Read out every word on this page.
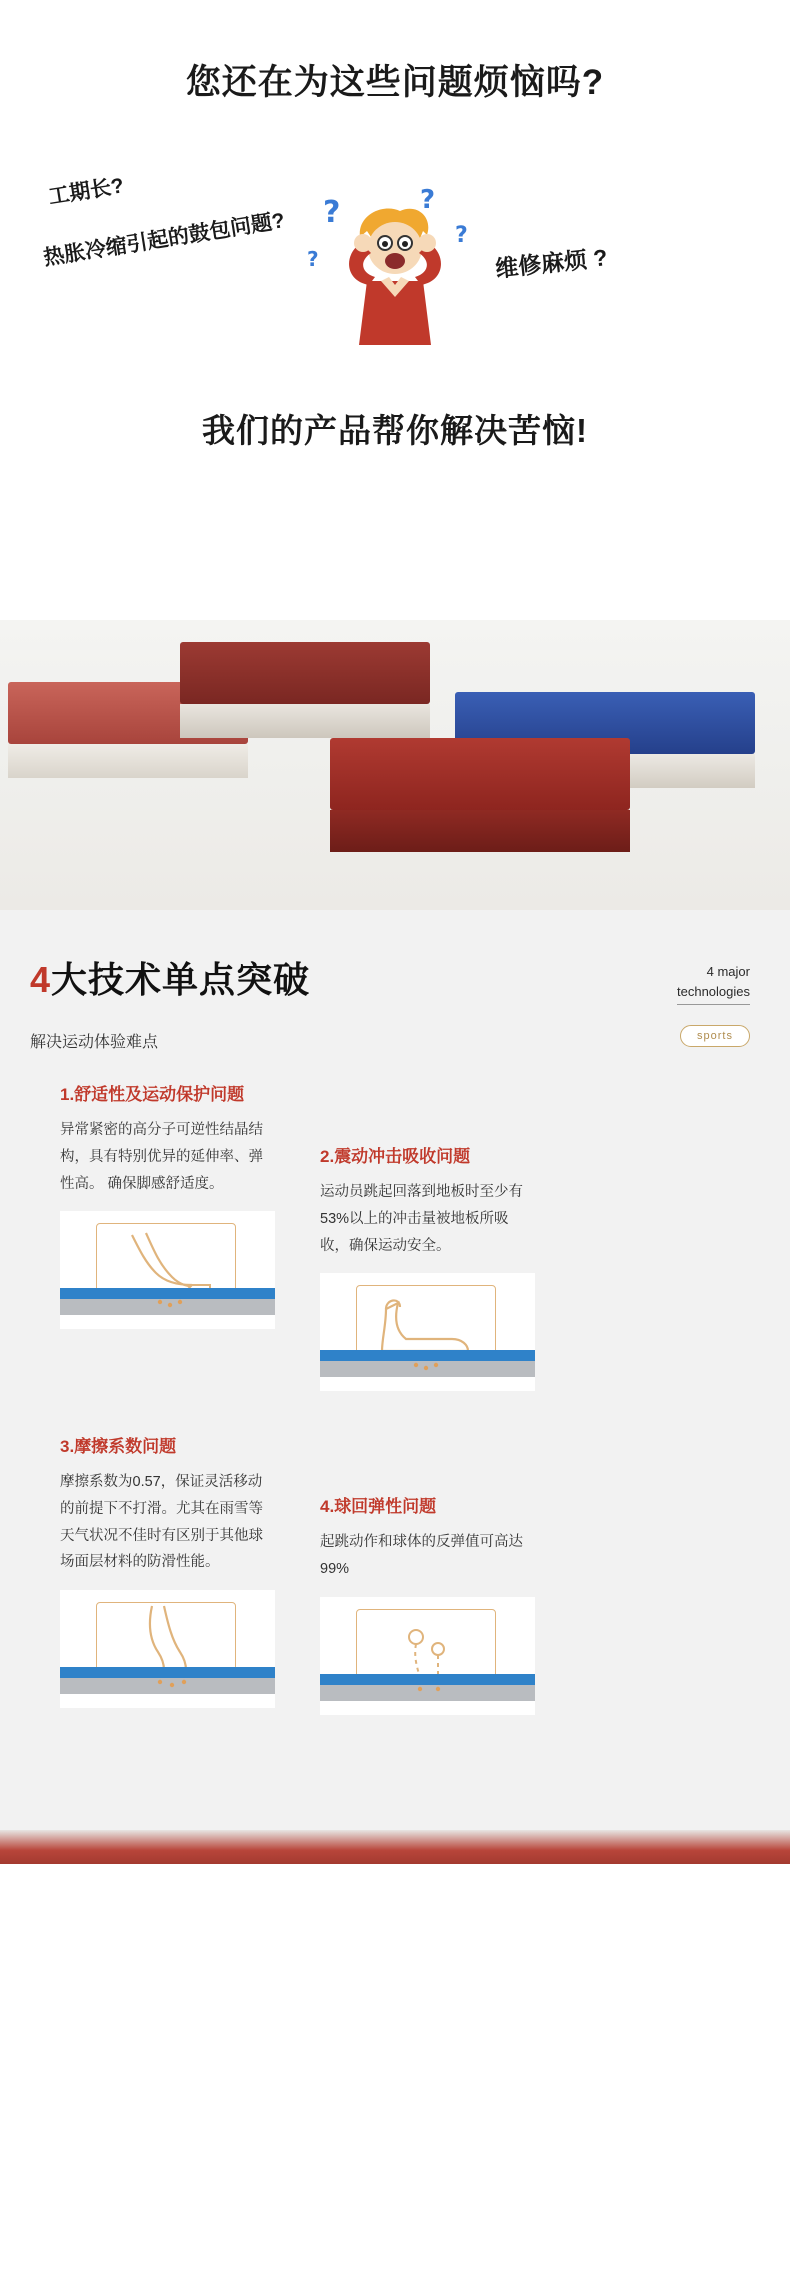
您还在为这些问题烦恼吗?
工期长?
热胀冷缩引起的鼓包问题?	维修麻烦 ?
?	?
?
?
我们的产品帮你解决苦恼!
4大技术单点突破	4 major
technologies
解决运动体验难点	sports
1.舒适性及运动保护问题
异常紧密的高分子可逆性结晶结构，具有特别优异的延伸率、弹性高。 确保脚感舒适度。
2.震动冲击吸收问题
运动员跳起回落到地板时至少有53%以上的冲击量被地板所吸收，确保运动安全。
3.摩擦系数问题
摩擦系数为0.57，保证灵活移动的前提下不打滑。尤其在雨雪等天气状况不佳时有区别于其他球场面层材料的防滑性能。
4.球回弹性问题
起跳动作和球体的反弹值可高达99%
